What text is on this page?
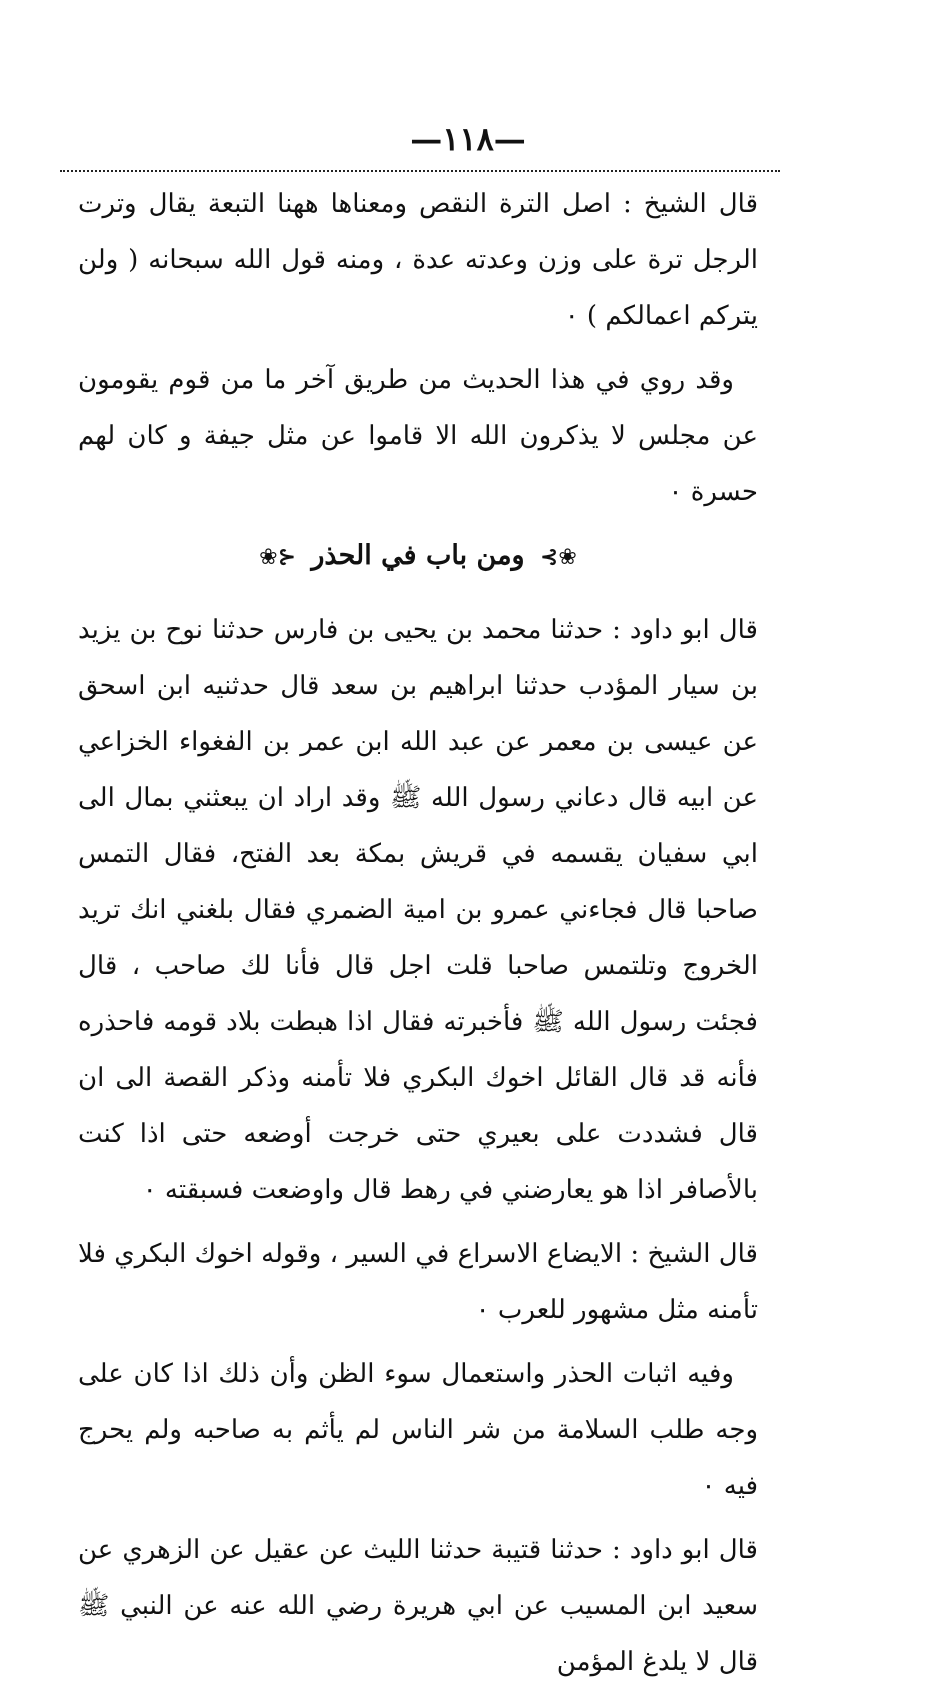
—١١٨—

قال الشيخ : اصل الترة النقص ومعناها ههنا التبعة يقال وترت الرجل ترة على وزن وعدته عدة ، ومنه قول الله سبحانه ( ولن يتركم اعمالكم ) ٠

وقد روي في هذا الحديث من طريق آخر ما من قوم يقومون عن مجلس لا يذكرون الله الا قاموا عن مثل جيفة و كان لهم حسرة ٠

❀⊱ ومن باب في الحذر ⊰❀

قال ابو داود : حدثنا محمد بن يحيى بن فارس حدثنا نوح بن يزيد بن سيار المؤدب حدثنا ابراهيم بن سعد قال حدثنيه ابن اسحق عن عيسى بن معمر عن عبد الله ابن عمر بن الفغواء الخزاعي عن ابيه قال دعاني رسول الله ﷺ وقد اراد ان يبعثني بمال الى ابي سفيان يقسمه في قريش بمكة بعد الفتح، فقال التمس صاحبا قال فجاءني عمرو بن امية الضمري فقال بلغني انك تريد الخروج وتلتمس صاحبا قلت اجل قال فأنا لك صاحب ، قال فجئت رسول الله ﷺ فأخبرته فقال اذا هبطت بلاد قومه فاحذره فأنه قد قال القائل اخوك البكري فلا تأمنه وذكر القصة الى ان قال فشددت على بعيري حتى خرجت أوضعه حتى اذا كنت بالأصافر اذا هو يعارضني في رهط قال واوضعت فسبقته ٠

قال الشيخ : الايضاع الاسراع في السير ، وقوله اخوك البكري فلا تأمنه مثل مشهور للعرب ٠

وفيه اثبات الحذر واستعمال سوء الظن وأن ذلك اذا كان على وجه طلب السلامة من شر الناس لم يأثم به صاحبه ولم يحرج فيه ٠

قال ابو داود : حدثنا قتيبة حدثنا الليث عن عقيل عن الزهري عن سعيد ابن المسيب عن ابي هريرة رضي الله عنه عن النبي ﷺ قال لا يلدغ المؤمن
